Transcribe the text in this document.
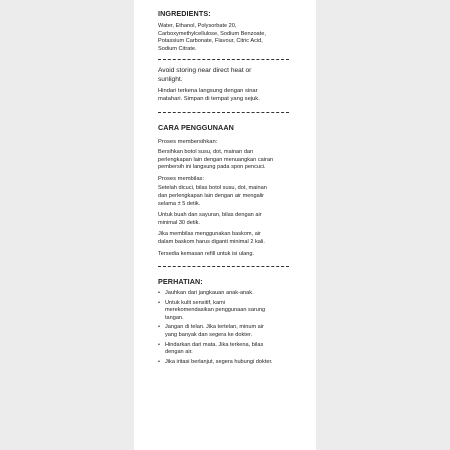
INGREDIENTS:

Water, Ethanol, Polysorbate 20,

Carboxymethylcellulose, Sodium Benzoate,

Potassium Carbonate, Flavour, Citric Acid,

Sodium Citrate.

Avoid storing near direct heat or

sunlight.

Hindari terkena langsung dengan sinar

matahari. Simpan di tempat yang sejuk.

CARA PENGGUNAAN

Proses membersihkan:

Bersihkan botol susu, dot, mainan dan

perlengkapan lain dengan menuangkan cairan

pembersih ini langsung pada spon pencuci.

Proses membilas:

Setelah dicuci, bilas botol susu, dot, mainan

dan perlengkapan lain dengan air mengalir

selama ± 5 detik.

Untuk buah dan sayuran, bilas dengan air

minimal 30 detik.

Jika membilas menggunakan baskom, air

dalam baskom harus diganti minimal 2 kali.

Tersedia kemasan refill untuk isi ulang.

PERHATIAN:
• Jauhkan dari jangkauan anak-anak.
• Untuk kulit sensitif, kami
merekomendasikan penggunaan sarung
tangan.
• Jangan di telan. Jika tertelan, minum air
yang banyak dan segera ke dokter.
• Hindarkan dari mata. Jika terkena, bilas
dengan air.
• Jika iritasi berlanjut, segera hubungi dokter.
